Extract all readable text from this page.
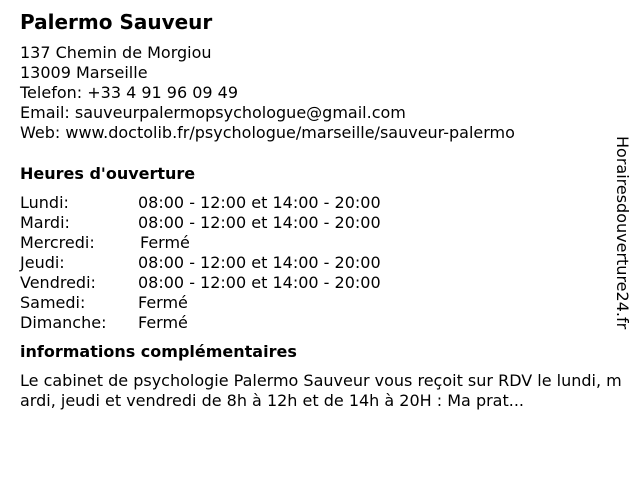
Palermo Sauveur
137 Chemin de Morgiou
13009 Marseille
Telefon: +33 4 91 96 09 49
Email: sauveurpalermopsychologue@gmail.com
Web: www.doctolib.fr/psychologue/marseille/sauveur-palermo
Heures d'ouverture
Lundi:	08:00 - 12:00 et 14:00 - 20:00
Mardi:	08:00 - 12:00 et 14:00 - 20:00
Mercredi:	Fermé
Jeudi:	08:00 - 12:00 et 14:00 - 20:00
Vendredi:	08:00 - 12:00 et 14:00 - 20:00
Samedi:	Fermé
Dimanche: Fermé
informations complémentaires
Le cabinet de psychologie Palermo Sauveur vous reçoit sur RDV le lundi, mardi, jeudi et vendredi de 8h à 12h et de 14h à 20H : Ma prat...
Horairesdouverture24.fr
